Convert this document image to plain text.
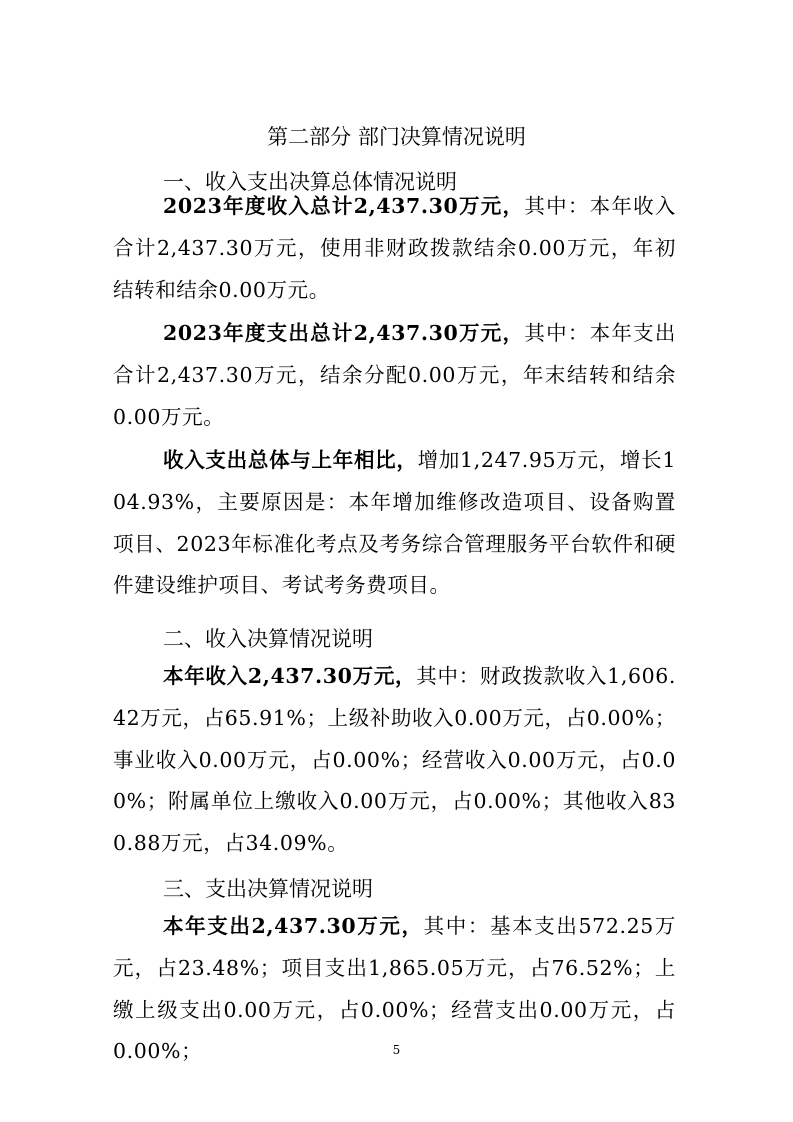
第二部分 部门决算情况说明
一、收入支出决算总体情况说明

2023年度收入总计2,437.30万元，其中：本年收入合计2,437.30万元，使用非财政拨款结余0.00万元，年初结转和结余0.00万元。

2023年度支出总计2,437.30万元，其中：本年支出合计2,437.30万元，结余分配0.00万元，年末结转和结余0.00万元。

收入支出总体与上年相比，增加1,247.95万元，增长104.93%，主要原因是：本年增加维修改造项目、设备购置项目、2023年标准化考点及考务综合管理服务平台软件和硬件建设维护项目、考试考务费项目。

二、收入决算情况说明

本年收入2,437.30万元，其中：财政拨款收入1,606.42万元，占65.91%；上级补助收入0.00万元，占0.00%；事业收入0.00万元，占0.00%；经营收入0.00万元，占0.00%；附属单位上缴收入0.00万元，占0.00%；其他收入830.88万元，占34.09%。

三、支出决算情况说明

本年支出2,437.30万元，其中：基本支出572.25万元，占23.48%；项目支出1,865.05万元，占76.52%；上缴上级支出0.00万元，占0.00%；经营支出0.00万元，占0.00%；	5
